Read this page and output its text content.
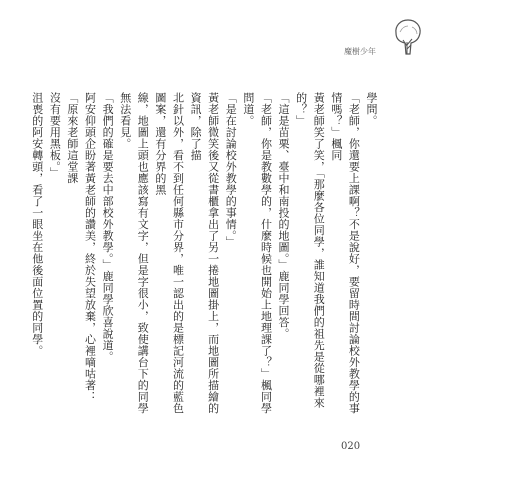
魔樹少年

學問。

「老師，你還要上課啊？不是說好，要留時間討論校外教學的事情嗎？」楓同

黃老師笑了笑，「那麼各位同學，誰知道我們的祖先是從哪裡來的？」

「這是苗栗、臺中和南投的地圖。」鹿同學回答。

「老師，你是教數學的，什麼時候也開始上地理課了？」楓同學問道。

「是在討論校外教學的事情。」

黃老師微笑後又從書櫃拿出了另一捲地圖掛上，而地圖所描繪的資訊，除了描

北針以外，看不到任何縣市分界，唯一認出的是標記河流的藍色圖案，還有分界的黑

線，地圖上頭也應該寫有文字，但是字很小，致使講台下的同學無法看見。

「我們的確是要去中部校外教學。」鹿同學欣喜說道。

阿安仰頭企盼著黃老師的讚美，終於失望放棄，心裡嘀咕著：「原來老師這堂課

沒有要用黑板。」

沮喪的阿安轉頭，看了一眼坐在他後面位置的同學。

020
